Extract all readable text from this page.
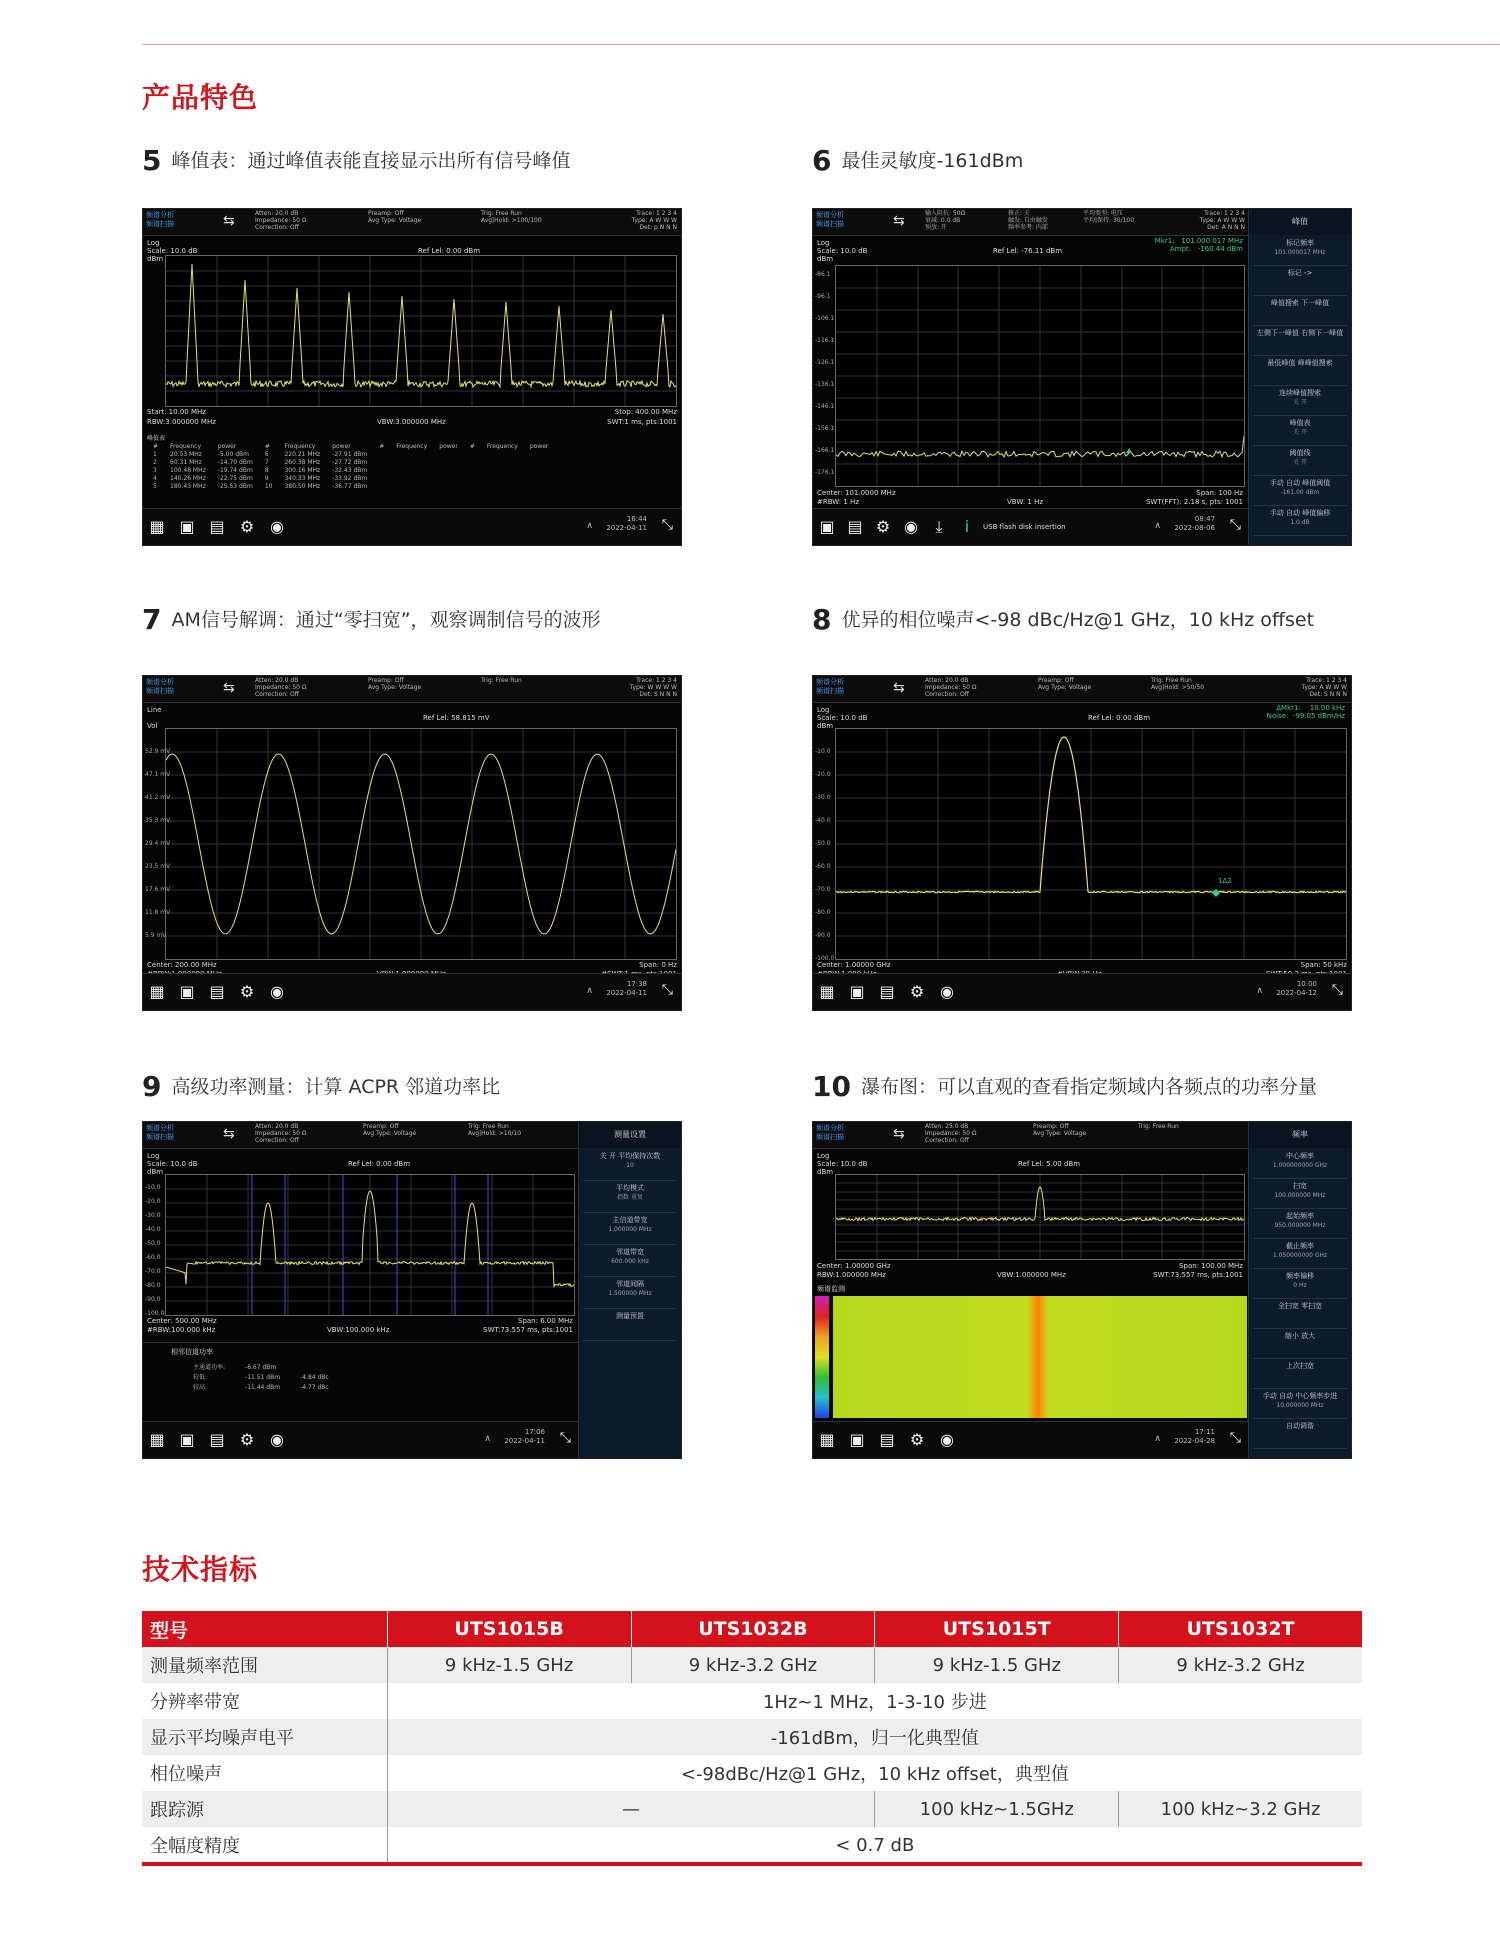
产品特色
5 峰值表：通过峰值表能直接显示出所有信号峰值	6 最佳灵敏度-161dBm
7 AM信号解调：通过“零扫宽”，观察调制信号的波形	8 优异的相位噪声<-98 dBc/Hz@1 GHz，10 kHz offset
9 高级功率测量：计算 ACPR 邻道功率比	10 瀑布图：可以直观的查看指定频域内各频点的功率分量
频谱分析
频谱扫描	⇆	Atten: 20.0 dB
Impedance: 50 Ω
Correction: Off
Preamp: Off
Avg Type: Voltage
Trig: Free Run
Avg|Hold: >100/100
Trace: 1 2 3 4
Type: A W W W
Det: p N N N
Log
Scale: 10.0 dB
dBm
Ref Lel: 0.00 dBm
Start: 10.00 MHz	Stop: 400.00 MHz
RBW:3.000000 MHz	VBW:3.000000 MHz	SWT:1 ms, pts:1001
峰值表
#	Frequency	power	#	Frequency	power	#	Frequency	power	#	Frequency	power
1	20.53 MHz	-5.00 dBm	6	220.21 MHz	-27.91 dBm						
2	60.31 MHz	-14.70 dBm	7	260.38 MHz	-27.72 dBm						
3	100.48 MHz	-19.74 dBm	8	300.16 MHz	-32.43 dBm						
4	140.26 MHz	-22.75 dBm	9	340.33 MHz	-33.92 dBm						
5	180.43 MHz	-25.53 dBm	10	380.50 MHz	-36.77 dBm						
▦ ▣ ▤ ⚙ ◉	∧
16:44
2022-04-11 ⤡
频谱分析
频谱扫描	⇆	输入阻抗: 50Ω
衰减: 0.0 dB
预放: 开
修正: 关
触发: 自由触发
频率参考: 内部
平均类型: 电压
平均|保持: 30/100
Trace: 1 2 3 4
Type: A W W W
Det: A N N N
Log
Scale: 10.0 dB
dBm
Ref Lel: -76.11 dBm
Mkr1:   101.000 017 MHz
Ampt:   -160.44 dBm
Center: 101.0000 MHz	Span: 100 Hz
#RBW: 1 Hz	VBW: 1 Hz	SWT(FFT): 2.18 s, pts: 1001
▣ ▤ ⚙ ◉	⤓	i	USB flash disk insertion	∧
08:47
2022-08-06 ⤡
峰值
标记频率
101.000017 MHz
标记 ->
峰值搜索 下一峰值
左侧下一峰值 右侧下一峰值
最低峰值 峰峰值搜索
连续峰值搜索
关 开
峰值表
关 开
阈值线
关 开
手动 自动 峰值阈值
-161.00 dBm
手动 自动 峰值偏移
1.0 dB
-86.1
-96.1
-106.1
-116.1
-126.1
-136.1
-146.1
-156.1
-166.1
-176.1
频谱分析
频谱扫描	⇆	Atten: 20.0 dB
Impedance: 50 Ω
Correction: Off
Preamp: Off
Avg Type: Voltage
Trig: Free Run	Trace: 1 2 3 4
Type: W W W W
Det: S N N N
Line

Vol
Ref Lel: 58.815 mV
Center: 200.00 MHz	Span: 0 Hz
▦ ▣ ▤ ⚙ ◉	∧
17:38
2022-04-11 ⤡
52.9 mV
47.1 mV
41.2 mV
35.3 mV
29.4 mV
23.5 mV
17.6 mV
11.8 mV
5.9 mV
频谱分析
频谱扫描	⇆	Atten: 20.0 dB
Impedance: 50 Ω
Correction: Off
Preamp: Off
Avg Type: Voltage
Trig: Free Run
Avg|Hold: >50/50
Trace: 1 2 3 4
Type: A W W W
Det: S N N N
Log
Scale: 10.0 dB
dBm
Ref Lel: 0.00 dBm
ΔMkr1:    10.00 kHz
Noise:  -99.05 dBm/Hz
1Δ2
Center: 1.00000 GHz	Span: 50 kHz
▦ ▣ ▤ ⚙ ◉	∧
10:00
2022-04-12 ⤡
-10.0
-20.0
-30.0
-40.0
-50.0
-60.0
-70.0
-80.0
-90.0
-100.0
频谱分析
频谱扫描	⇆	Atten: 20.0 dB
Impedance: 50 Ω
Correction: Off
Preamp: Off
Avg Type: Voltage
Trig: Free Run
Avg|Hold: >10/10
Log
Scale: 10.0 dB
dBm
Ref Lel: 0.00 dBm
Center: 500.00 MHz	Span: 6.00 MHz
#RBW:100.000 kHz	VBW:100.000 kHz	SWT:73.557 ms, pts:1001
相邻信道功率
主通道功率:	-6.67 dBm	
较低:	-11.51 dBm	-4.84 dBc
较高:	-11.44 dBm	-4.77 dBc
▦ ▣ ▤ ⚙ ◉	∧
17:06
2022-04-11 ⤡
测量设置
关 开 平均保持次数
10
平均模式
指数 重复
主信道带宽
1.000000 MHz
邻道带宽
600.000 kHz
邻道间隔
1.500000 MHz
测量预置
-10.0
-20.0
-30.0
-40.0
-50.0
-60.0
-70.0
-80.0
-90.0
-100.0
频谱分析
频谱扫描	⇆	Atten: 25.0 dB
Impedance: 50 Ω
Correction: Off
Preamp: Off
Avg Type: Voltage
Trig: Free Run
Log
Scale: 10.0 dB
dBm
Ref Lel: 5.00 dBm
Center: 1.00000 GHz	Span: 100.00 MHz
RBW:1.000000 MHz	VBW:1.000000 MHz	SWT:73.557 ms, pts:1001
频谱监测
▦ ▣ ▤ ⚙ ◉	∧
17:11
2022-04-28 ⤡
频率
中心频率
1.000000000 GHz
扫宽
100.000000 MHz
起始频率
950.000000 MHz
截止频率
1.050000000 GHz
频率偏移
0 Hz
全扫宽 零扫宽
缩小 放大
上次扫宽
手动 自动 中心频率步进
10.000000 MHz
自动调谐
技术指标
型号	UTS1015B	UTS1032B	UTS1015T	UTS1032T
测量频率范围	9 kHz-1.5 GHz	9 kHz-3.2 GHz	9 kHz-1.5 GHz	9 kHz-3.2 GHz
分辨率带宽	1Hz~1 MHz，1-3-10 步进			
显示平均噪声电平	-161dBm，归一化典型值			
相位噪声	<-98dBc/Hz@1 GHz，10 kHz offset，典型值			
跟踪源	—		100 kHz~1.5GHz	100 kHz~3.2 GHz
全幅度精度	< 0.7 dB			
